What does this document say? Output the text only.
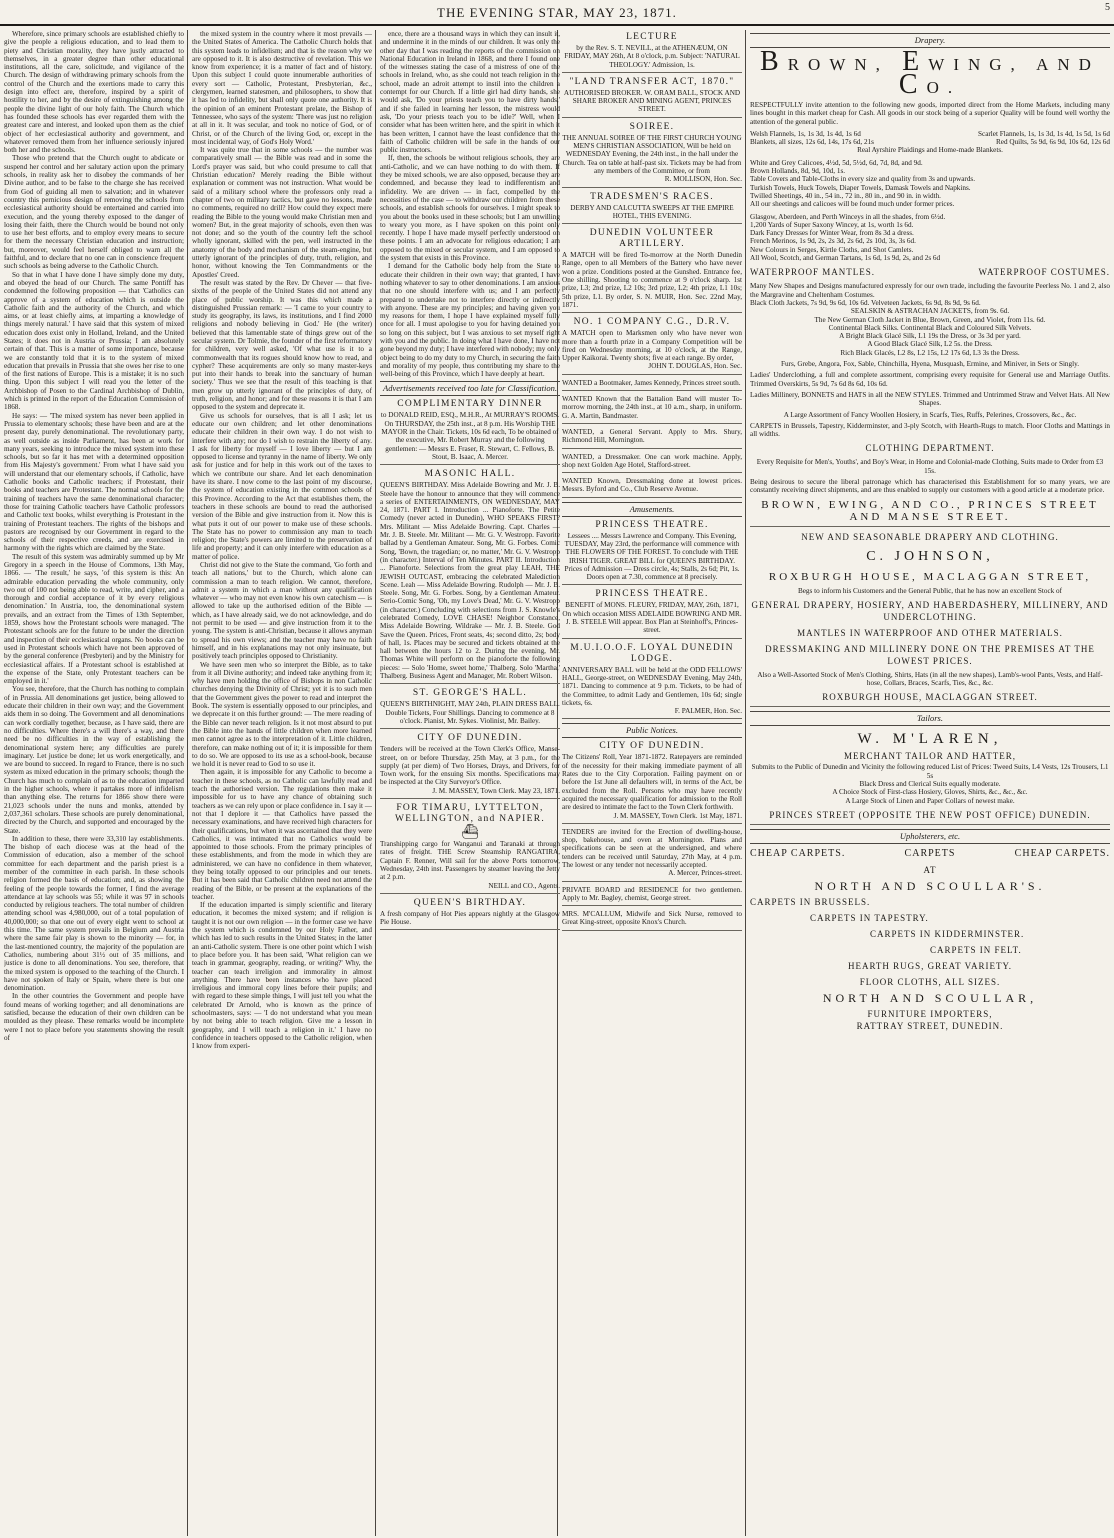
THE EVENING STAR, MAY 23, 1871.	5

Wherefore, since primary schools are established chiefly to give the people a religious education, and to lead them to piety and Christian morality, they have justly attracted to themselves, in a greater degree than other educational institutions, all the care, solicitude, and vigilance of the Church. The design of withdrawing primary schools from the control of the Church and the exertions made to carry this design into effect are, therefore, inspired by a spirit of hostility to her, and by the desire of extinguishing among the people the divine light of our holy faith. The Church which has founded these schools has ever regarded them with the greatest care and interest, and looked upon them as the chief object of her ecclesiastical authority and government, and whatever removed them from her influence seriously injured both her and the schools.

Those who pretend that the Church ought to abdicate or suspend her control and her salutary action upon the primary schools, in reality ask her to disobey the commands of her Divine author, and to be false to the charge she has received from God of guiding all men to salvation; and in whatever country this pernicious design of removing the schools from ecclesiastical authority should be entertained and carried into execution, and the young thereby exposed to the danger of losing their faith, there the Church would be bound not only to use her best efforts, and to employ every means to secure for them the necessary Christian education and instruction; but, moreover, would feel herself obliged to warn all the faithful, and to declare that no one can in conscience frequent such schools as being adverse to the Catholic Church.

So that in what I have done I have simply done my duty, and obeyed the head of our Church. The same Pontiff has condemned the following proposition — that 'Catholics can approve of a system of education which is outside the Catholic faith and the authority of the Church, and which aims, or at least chiefly aims, at imparting a knowledge of things merely natural.' I have said that this system of mixed education does exist only in Holland, Ireland, and the United States; it does not in Austria or Prussia; I am absolutely certain of that. This is a matter of some importance, because we are constantly told that it is to the system of mixed education that prevails in Prussia that she owes her rise to one of the first nations of Europe. This is a mistake; it is no such thing. Upon this subject I will read you the letter of the Archbishop of Posen to the Cardinal Archbishop of Dublin, which is printed in the report of the Education Commission of 1868.

He says: — 'The mixed system has never been applied in Prussia to elementary schools; these have been and are at the present day, purely denominational. The revolutionary party, as well outside as inside Parliament, has been at work for many years, seeking to introduce the mixed system into these schools, but so far it has met with a determined opposition from His Majesty's government.' From what I have said you will understand that our elementary schools, if Catholic, have Catholic books and Catholic teachers; if Protestant, their books and teachers are Protestant. The normal schools for the training of teachers have the same denominational character; those for training Catholic teachers have Catholic professors and Catholic text books, whilst everything is Protestant in the training of Protestant teachers. The rights of the bishops and pastors are recognised by our Government in regard to the schools of their respective creeds, and are exercised in harmony with the rights which are claimed by the State.

The result of this system was admirably summed up by Mr Gregory in a speech in the House of Commons, 13th May, 1866. — 'The result,' he says, 'of this system is this: An admirable education pervading the whole community, only two out of 100 not being able to read, write, and cipher, and a thorough and cordial acceptance of it by every religious denomination.' In Austria, too, the denominational system prevails, and an extract from the Times of 13th September, 1859, shows how the Protestant schools were managed. 'The Protestant schools are for the future to be under the direction and inspection of their ecclesiastical organs. No books can be used in Protestant schools which have not been approved of by the general conference (Presbyteri) and by the Ministry for ecclesiastical affairs. If a Protestant school is established at the expense of the State, only Protestant teachers can be employed in it.'

You see, therefore, that the Church has nothing to complain of in Prussia. All denominations get justice, being allowed to educate their children in their own way; and the Government aids them in so doing. The Government and all denominations can work cordially together, because, as I have said, there are no difficulties. Where there's a will there's a way, and there need be no difficulties in the way of establishing the denominational system here; any difficulties are purely imaginary. Let justice be done; let us work energetically, and we are bound to succeed. In regard to France, there is no such system as mixed education in the primary schools; though the Church has much to complain of as to the education imparted in the higher schools, where it partakes more of infidelism than anything else. The returns for 1866 show there were 21,023 schools under the nuns and monks, attended by 2,037,361 scholars. These schools are purely denominational, directed by the Church, and supported and encouraged by the State.

In addition to these, there were 33,310 lay establishments. The bishop of each diocese was at the head of the Commission of education, also a member of the school committee for each department and the parish priest is a member of the committee in each parish. In these schools religion formed the basis of education; and, as showing the feeling of the people towards the former, I find the average attendance at lay schools was 55; while it was 97 in schools conducted by religious teachers. The total number of children attending school was 4,980,000, out of a total population of 40,000,000; so that one out of every eight went to school at this time. The same system prevails in Belgium and Austria where the same fair play is shown to the minority — for, in the last-mentioned country, the majority of the population are Catholics, numbering about 31½ out of 35 millions, and justice is done to all denominations. You see, therefore, that the mixed system is opposed to the teaching of the Church. I have not spoken of Italy or Spain, where there is but one denomination.

In the other countries the Government and people have found means of working together; and all denominations are satisfied, because the education of their own children can be moulded as they please. These remarks would be incomplete were I not to place before you statements showing the result of

the mixed system in the country where it most prevails — the United States of America. The Catholic Church holds that this system leads to infidelism; and that is the reason why we are opposed to it. It is also destructive of revelation. This we know from experience; it is a matter of fact and of history. Upon this subject I could quote innumerable authorities of every sort — Catholic, Protestant, Presbyterian, &c., clergymen, learned statesmen, and philosophers, to show that it has led to infidelity, but shall only quote one authority. It is the opinion of an eminent Protestant prelate, the Bishop of Tennessee, who says of the system: 'There was just no religion at all in it. It was secular, and took no notice of God, or of Christ, or of the Church of the living God, or, except in the most incidental way, of God's Holy Word.'

It was quite true that in some schools — the number was comparatively small — the Bible was read and in some the Lord's prayer was said, but who could presume to call that Christian education? Merely reading the Bible without explanation or comment was not instruction. What would be said of a military school where the professors only read a chapter of two on military tactics, but gave no lessons, made no comments, required no drill? How could they expect mere reading the Bible to the young would make Christian men and women? But, in the great majority of schools, even then was not done; and so the youth of the country left the school wholly ignorant, skilled with the pen, well instructed in the anatomy of the body and mechanism of the steam-engine, but utterly ignorant of the principles of duty, truth, religion, and honor, without knowing the Ten Commandments or the Apostles' Creed.

The result was stated by the Rev. Dr Chever — that five-sixths of the people of the United States did not attend any place of public worship. It was this which made a distinguished Prussian remark: — 'I came to your country to study its geography, its laws, its institutions, and I find 2000 religions and nobody believing in God.' He (the writer) believed that this lamentable state of things grew out of the secular system. Dr Tolmie, the founder of the first reformatory for children, very well asked, 'Of what use is it to a commonwealth that its rogues should know how to read, and cypher? These acquirements are only so many master-keys put into their hands to break into the sanctuary of human society.' Thus we see that the result of this teaching is that men grow up utterly ignorant of the principles of duty, of truth, religion, and honor; and for these reasons it is that I am opposed to the system and deprecate it.

Give us schools for ourselves, that is all I ask; let us educate our own children; and let other denominations educate their children in their own way. I do not wish to interfere with any; nor do I wish to restrain the liberty of any. I ask for liberty for myself — I love liberty — but I am opposed to license and tyranny in the name of liberty. We only ask for justice and for help in this work out of the taxes to which we contribute our share. And let each denomination have its share. I now come to the last point of my discourse, the system of education existing in the common schools of this Province. According to the Act that establishes them, the teachers in these schools are bound to read the authorised version of the Bible and give instruction from it. Now this is what puts it out of our power to make use of these schools. The State has no power to commission any man to teach religion; the State's powers are limited to the preservation of life and property; and it can only interfere with education as a matter of police.

Christ did not give to the State the command, 'Go forth and teach all nations,' but to the Church, which alone can commission a man to teach religion. We cannot, therefore, admit a system in which a man without any qualification whatever — who may not even know his own catechism — is allowed to take up the authorised edition of the Bible — which, as I have already said, we do not acknowledge, and do not permit to be used — and give instruction from it to the young. The system is anti-Christian, because it allows anyman to spread his own views; and the teacher may have no faith himself, and in his explanations may not only insinuate, but positively teach principles opposed to Christianity.

We have seen men who so interpret the Bible, as to take from it all Divine authority; and indeed take anything from it; why have men holding the office of Bishops in non Catholic churches denying the Divinity of Christ; yet it is to such men that the Government gives the power to read and interpret the Book. The system is essentially opposed to our principles, and we deprecate it on this further ground: — The mere reading of the Bible can never teach religion. Is it not most absurd to put the Bible into the hands of little children when more learned men cannot agree as to the interpretation of it. Little children, therefore, can make nothing out of it; it is impossible for them to do so. We are opposed to its use as a school-book, because we hold it is never read to God to so use it.

Then again, it is impossible for any Catholic to become a teacher in these schools, as no Catholic can lawfully read and teach the authorised version. The regulations then make it impossible for us to have any chance of obtaining such teachers as we can rely upon or place confidence in. I say it — not that I deplore it — that Catholics have passed the necessary examinations, and have received high characters for their qualifications, but when it was ascertained that they were Catholics, it was intimated that no Catholics would be appointed to those schools. From the primary principles of these establishments, and from the mode in which they are administered, we can have no confidence in them whatever, they being totally opposed to our principles and our tenets. But it has been said that Catholic children need not attend the reading of the Bible, or be present at the explanations of the teacher.

If the education imparted is simply scientific and literary education, it becomes the mixed system; and if religion is taught it is not our own religion — in the former case we have the system which is condemned by our Holy Father, and which has led to such results in the United States; in the latter an anti-Catholic system. There is one other point which I wish to place before you. It has been said, 'What religion can we teach in grammar, geography, reading, or writing?' Why, the teacher can teach irreligion and immorality in almost anything. There have been instances who have placed irreligious and immoral copy lines before their pupils; and with regard to these simple things, I will just tell you what the celebrated Dr Arnold, who is known as the prince of schoolmasters, says: — 'I do not understand what you mean by not being able to teach religion. Give me a lesson in geography, and I will teach a religion in it.' I have no confidence in teachers opposed to the Catholic religion, when I know from experi-

ence, there are a thousand ways in which they can insult it, and undermine it in the minds of our children. It was only the other day that I was reading the reports of the commission on National Education in Ireland in 1868, and there I found one of the witnesses stating the case of a mistress of one of the schools in Ireland, who, as she could not teach religion in the school, made an adroit attempt to instil into the children a contempt for our Church. If a little girl had dirty hands, she would ask, 'Do your priests teach you to have dirty hands,' and if she failed in learning her lesson, the mistress would ask, 'Do your priests teach you to be idle?' Well, when I consider what has been written here, and the spirit in which it has been written, I cannot have the least confidence that the faith of Catholic children will be safe in the hands of our public instructors.

If, then, the schools be without religious schools, they are anti-Catholic, and we can have nothing to do with them. If they be mixed schools, we are also opposed, because they are condemned, and because they lead to indifferentism and infidelity. We are driven — in fact, compelled by the necessities of the case — to withdraw our children from these schools, and establish schools for ourselves. I might speak to you about the books used in these schools; but I am unwilling to weary you more, as I have spoken on this point only recently. I hope I have made myself perfectly understood on these points. I am an advocate for religious education; I am opposed to the mixed or secular system, and I am opposed to the system that exists in this Province.

I demand for the Catholic body help from the State to educate their children in their own way; that granted, I have nothing whatever to say to other denominations. I am anxious that no one should interfere with us; and I am perfectly prepared to undertake not to interfere directly or indirectly with anyone. These are my principles; and having given you my reasons for them, I hope I have explained myself fully once for all. I must apologise to you for having detained you so long on this subject, but I was anxious to set myself right with you and the public. In doing what I have done, I have not gone beyond my duty; I have interfered with nobody; my only object being to do my duty to my Church, in securing the faith and morality of my people, thus contributing my share to the well-being of this Province, which I have deeply at heart.

Advertisements received too late for Classification.
COMPLIMENTARY DINNER
to DONALD REID, ESQ., M.H.R., At MURRAY'S ROOMS. On THURSDAY, the 25th inst., at 8 p.m. His Worship THE MAYOR in the Chair. Tickets, 10s 6d each, To be obtained of the executive, Mr. Robert Murray and the following gentlemen: — Messrs E. Fraser, R. Stewart, C. Fellows, B. Stout, B. Isaac, A. Mercer.
MASONIC HALL.
QUEEN'S BIRTHDAY. Miss Adelaide Bowring and Mr. J. B. Steele have the honour to announce that they will commence a series of ENTERTAINMENTS, ON WEDNESDAY, MAY 24, 1871. PART I. Introduction ... Pianoforte. The Petite Comedy (never acted in Dunedin), WHO SPEAKS FIRST? Mrs. Militant — Miss Adelaide Bowring. Capt. Charles — Mr. J. B. Steele. Mr. Militant — Mr. G. V. Westropp. Favorite ballad by a Gentleman Amateur. Song, Mr. G. Forbes. Comic Song, 'Bown, the tragedian; or, no matter,' Mr. G. V. Westropp (in character.) Interval of Ten Minutes. PART II. Introduction ... Pianoforte. Selections from the great play LEAH, THE JEWISH OUTCAST, embracing the celebrated Malediction Scene. Leah — Miss Adelaide Bowring. Rudolph — Mr. J. B. Steele. Song, Mr. G. Forbes. Song, by a Gentleman Amateur. Serio-Comic Song, 'Oh, my Love's Dead,' Mr. G. V. Westropp (in character.) Concluding with selections from J. S. Knowle's celebrated Comedy, LOVE CHASE! Neighbor Constance, Miss Adelaide Bowring. Wildrake — Mr. J. B. Steele. God Save the Queen. Prices, Front seats, 4s; second ditto, 2s; body of hall, 1s. Places may be secured and tickets obtained at the hall between the hours 12 to 2. During the evening, Mr. Thomas White will perform on the pianoforte the following pieces: — Solo 'Home, sweet home,' Thalberg. Solo 'Martha,' Thalberg. Business Agent and Manager, Mr. Robert Wilson.
ST. GEORGE'S HALL.
QUEEN'S BIRTHNIGHT, MAY 24th, PLAIN DRESS BALL. Double Tickets, Four Shillings. Dancing to commence at 8 o'clock. Pianist, Mr. Sykes. Violinist, Mr. Bailey.
CITY OF DUNEDIN.
Tenders will be received at the Town Clerk's Office, Manse-street, on or before Thursday, 25th May, at 3 p.m., for the supply (at per diem) of Two Horses, Drays, and Drivers, for Town work, for the ensuing Six months. Specifications may be inspected at the City Surveyor's Office.
J. M. MASSEY, Town Clerk. May 23, 1871.
FOR TIMARU, LYTTELTON, WELLINGTON, and NAPIER.
⛴
Transhipping cargo for Wanganui and Taranaki at through rates of freight. THE Screw Steamship RANGATIRA, Captain F. Renner, Will sail for the above Ports tomorrow, Wednesday, 24th inst. Passengers by steamer leaving the Jetty at 2 p.m.
NEILL and CO., Agents.
QUEEN'S BIRTHDAY.
A fresh company of Hot Pies appears nightly at the Glasgow Pie House.
LECTURE
by the Rev. S. T. NEVILL, at the ATHENÆUM, ON FRIDAY, MAY 26th, At 8 o'clock, p.m. Subject: 'NATURAL THEOLOGY.' Admission, 1s.
"LAND TRANSFER ACT, 1870."
AUTHORISED BROKER. W. ORAM BALL, STOCK AND SHARE BROKER AND MINING AGENT, PRINCES STREET.
SOIREE.
THE ANNUAL SOIREE OF THE FIRST CHURCH YOUNG MEN'S CHRISTIAN ASSOCIATION, Will be held on WEDNESDAY Evening, the 24th inst., in the hall under the Church. Tea on table at half-past six. Tickets may be had from any members of the Committee, or from
R. MOLLISON, Hon. Sec.
TRADESMEN'S RACES.
DERBY AND CALCUTTA SWEEPS AT THE EMPIRE HOTEL, THIS EVENING.
DUNEDIN VOLUNTEER ARTILLERY.
A MATCH will be fired To-morrow at the North Dunedin Range, open to all Members of the Battery who have never won a prize. Conditions posted at the Gunshed. Entrance fee, One shilling. Shooting to commence at 9 o'clock sharp. 1st prize, L3; 2nd prize, L2 10s; 3rd prize, L2; 4th prize, L1 10s; 5th prize, L1. By order, S. N. MUIR, Hon. Sec. 22nd May, 1871.
NO. 1 COMPANY C.G., D.R.V.
A MATCH open to Marksmen only who have never won more than a fourth prize in a Company Competition will be fired on Wednesday morning, at 10 o'clock, at the Range, Upper Kaikorai. Twenty shots; five at each range. By order,
JOHN T. DOUGLAS, Hon. Sec.
WANTED a Bootmaker, James Kennedy, Princes street south.
WANTED Known that the Battalion Band will muster To-morrow morning, the 24th inst., at 10 a.m., sharp, in uniform. G. A. Martin, Bandmaster.
WANTED, a General Servant. Apply to Mrs. Shury, Richmond Hill, Mornington.
WANTED, a Dressmaker. One can work machine. Apply, shop next Golden Age Hotel, Stafford-street.
WANTED Known, Dressmaking done at lowest prices. Messrs. Byford and Co., Club Reserve Avenue.
Amusements.
PRINCESS THEATRE.
Lessees .... Messrs Lawrence and Company. This Evening, TUESDAY, May 23rd, the performance will commence with THE FLOWERS OF THE FOREST. To conclude with THE IRISH TIGER. GREAT BILL for QUEEN'S BIRTHDAY. Prices of Admission — Dress circle, 4s; Stalls, 2s 6d; Pit, 1s. Doors open at 7.30, commence at 8 precisely.
PRINCESS THEATRE.
BENEFIT of MONS. FLEURY, FRIDAY, MAY, 26th, 1871, On which occasion MISS ADELAIDE BOWRING AND MR. J. B. STEELE Will appear. Box Plan at Steinhoff's, Princes-street.
M.U.I.O.O.F. LOYAL DUNEDIN LODGE.
ANNIVERSARY BALL will be held at the ODD FELLOWS' HALL, George-street, on WEDNESDAY Evening, May 24th, 1871. Dancing to commence at 9 p.m. Tickets, to be had of the Committee, to admit Lady and Gentlemen, 10s 6d; single tickets, 6s.
F. PALMER, Hon. Sec.
Public Notices.
CITY OF DUNEDIN.
The Citizens' Roll, Year 1871-1872. Ratepayers are reminded of the necessity for their making immediate payment of all Rates due to the City Corporation. Failing payment on or before the 1st June all defaulters will, in terms of the Act, be excluded from the Roll. Persons who may have recently acquired the necessary qualification for admission to the Roll are desired to intimate the fact to the Town Clerk forthwith.
J. M. MASSEY, Town Clerk. 1st May, 1871.
TENDERS are invited for the Erection of dwelling-house, shop, bakehouse, and oven at Mornington. Plans and specifications can be seen at the undersigned, and where tenders can be received until Saturday, 27th May, at 4 p.m. The lowest or any tender not necessarily accepted.
A. Mercer, Princes-street.
PRIVATE BOARD and RESIDENCE for two gentlemen. Apply to Mr. Bagley, chemist, George street.
MRS. M'CALLUM, Midwife and Sick Nurse, removed to Great King-street, opposite Knox's Church.
Drapery.
BROWN, EWING, AND CO.

RESPECTFULLY invite attention to the following new goods, imported direct from the Home Markets, including many lines bought in this market cheap for Cash. All goods in our stock being of a superior Quality will be found well worthy the attention of the general public.

Welsh Flannels, 1s, 1s 3d, 1s 4d, 1s 6d	Scarlet Flannels, 1s, 1s 3d, 1s 4d, 1s 5d, 1s 6d
Blankets, all sizes, 12s 6d, 14s, 17s 6d, 21s	Red Quilts, 5s 9d, 6s 9d, 10s 6d, 12s 6d

Real Ayrshire Plaidings and Home-made Blankets.

White and Grey Calicoes, 4½d, 5d, 5½d, 6d, 7d, 8d, and 9d.

Brown Hollands, 8d, 9d, 10d, 1s.

Table Covers and Table-Cloths in every size and quality from 3s and upwards.

Turkish Towels, Huck Towels, Diaper Towels, Damask Towels and Napkins.

Twilled Sheetings, 40 in., 54 in., 72 in., 80 in., and 90 in. in width.

All our sheetings and calicoes will be found much under former prices.

Glasgow, Aberdeen, and Perth Winceys in all the shades, from 6½d.

1,200 Yards of Super Saxony Wincey, at 1s, worth 1s 6d.

Dark Fancy Dresses for Winter Wear, from 8s 3d a dress.

French Merinos, 1s 9d, 2s, 2s 3d, 2s 6d, 2s 10d, 3s, 3s 6d.

New Colours in Serges, Kirtle Cloths, and Shot Camlets.

All Wool, Scotch, and German Tartans, 1s 6d, 1s 9d, 2s, and 2s 6d

WATERPROOF MANTLES.	WATERPROOF COSTUMES.

Many New Shapes and Designs manufactured expressly for our own trade, including the favourite Peerless No. 1 and 2, also the Margravine and Cheltenham Costumes.

Black Cloth Jackets, 7s 9d, 9s 6d, 10s 6d. Velveteen Jackets, 6s 9d, 8s 9d, 9s 6d.

SEALSKIN & ASTRACHAN JACKETS, from 9s. 6d.

The New German Cloth Jacket in Blue, Brown, Green, and Violet, from 11s. 6d.

Continental Black Silks. Continental Black and Coloured Silk Velvets.

A Bright Black Glacé Silk, L1 19s the Dress, or 3s 3d per yard.

A Good Black Glacé Silk, L2 5s. the Dress.

Rich Black Glacés, L2 8s, L2 15s, L2 17s 6d, L3 3s the Dress.

Furs, Grebe, Angora, Fox, Sable, Chinchilla, Hyena, Musquash, Ermine, and Miniver, in Sets or Singly.

Ladies' Underclothing, a full and complete assortment, comprising every requisite for General use and Marriage Outfits. Trimmed Overskirts, 5s 9d, 7s 6d 8s 6d, 10s 6d.

Ladies Millinery, BONNETS and HATS in all the NEW STYLES. Trimmed and Untrimmed Straw and Velvet Hats. All New Shapes.

A Large Assortment of Fancy Woollen Hosiery, in Scarfs, Ties, Ruffs, Pelerines, Crossovers, &c., &c.

CARPETS in Brussels, Tapestry, Kidderminster, and 3-ply Scotch, with Hearth-Rugs to match. Floor Cloths and Mattings in all widths.

CLOTHING DEPARTMENT.

Every Requisite for Men's, Youths', and Boy's Wear, in Home and Colonial-made Clothing, Suits made to Order from £3 15s.

Being desirous to secure the liberal patronage which has characterised this Establishment for so many years, we are constantly receiving direct shipments, and are thus enabled to supply our customers with a good article at a moderate price.

BROWN, EWING, AND CO., PRINCES STREET AND MANSE STREET.
NEW AND SEASONABLE DRAPERY AND CLOTHING.
C. JOHNSON,
ROXBURGH HOUSE, MACLAGGAN STREET,

Begs to inform his Customers and the General Public, that he has now an excellent Stock of

GENERAL DRAPERY, HOSIERY, AND HABERDASHERY, MILLINERY, AND UNDERCLOTHING.
MANTLES IN WATERPROOF AND OTHER MATERIALS.
DRESSMAKING AND MILLINERY DONE ON THE PREMISES AT THE LOWEST PRICES.

Also a Well-Assorted Stock of Men's Clothing, Shirts, Hats (in all the new shapes), Lamb's-wool Pants, Vests, and Half-hose, Collars, Braces, Scarfs, Ties, &c., &c.

ROXBURGH HOUSE, MACLAGGAN STREET.
Tailors.
W. M'LAREN,
MERCHANT TAILOR AND HATTER,

Submits to the Public of Dunedin and Vicinity the following reduced List of Prices: Tweed Suits, L4 Vests, 12s Trousers, L1 5s

Black Dress and Clerical Suits equally moderate.

A Choice Stock of First-class Hosiery, Gloves, Shirts, &c., &c., &c.

A Large Stock of Linen and Paper Collars of newest make.

PRINCES STREET (OPPOSITE THE NEW POST OFFICE) DUNEDIN.
Upholsterers, etc.
CHEAP CARPETS.	CARPETS	CHEAP CARPETS.
AT
NORTH AND SCOULLAR'S.
CARPETS IN BRUSSELS.
CARPETS IN TAPESTRY.
CARPETS IN KIDDERMINSTER.
CARPETS IN FELT.
HEARTH RUGS, GREAT VARIETY.
FLOOR CLOTHS, ALL SIZES.
NORTH AND SCOULLAR,
FURNITURE IMPORTERS,
RATTRAY STREET, DUNEDIN.
